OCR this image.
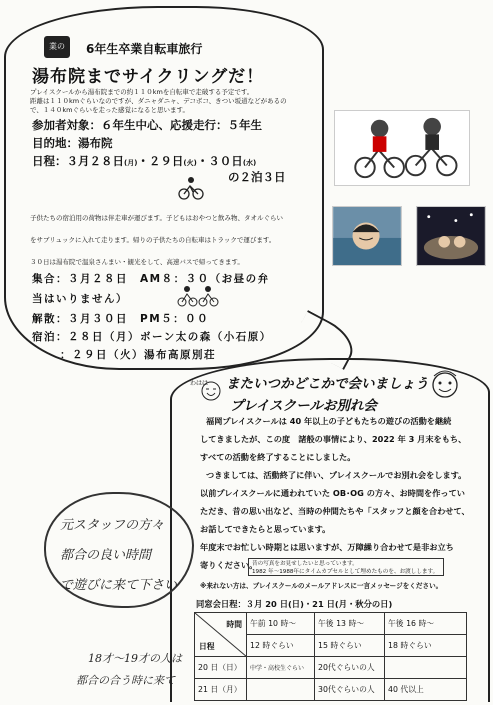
業の	6年生卒業自転車旅行
湯布院までサイクリングだ！
プレイスクールから湯布院までの約１１０kmを自転車で走破する予定です。
距離は１１０kmぐらいなのですが、ダニャダニャ、デコボコ、きつい坂道などがあるの
で、１４０kmぐらいを走った感覚になると思います。
参加者対象：６年生中心、応援走行：５年生
目的地：湯布院
日程：３月２８日(月)・２９日(火)・３０日(水)
の２泊３日
子供たちの宿泊用の荷物は伴走車が運びます。子どもはおやつと飲み物、タオルぐらい
をサブリュックに入れて走ります。帰りの子供たちの自転車はトラックで運びます。
３０日は湯布院で温泉さんまい・観光をして、高速バスで帰ってきます。
集合：３月２８日　AM８：３０（お昼の弁
当はいりません）
解散：３月３０日　PM５：００
宿泊：２８日（月）ボーン太の森（小石原）
：２９日（火）湯布高原別荘
わはは またいつかどこかで会いましょう
プレイスクールお別れ会
福岡プレイスクールは 40 年以上の子どもたちの遊びの活動を継続
してきましたが、この度　諸般の事情により、2022 年 3 月末をもち、
すべての活動を終了することにしました。
つきましては、活動終了に伴い、プレイスクールでお別れ会をします。
以前プレイスクールに通われていた OB･OG の方々、お時間を作ってい
ただき、昔の思い出など、当時の仲間たちや「スタッフと顔を合わせて、
お話してできたらと思っています。
年度末でお忙しい時期とは思いますが、万障繰り合わせて是非お立ち
寄りください。
昔の写真をお見せしたいと思っています。
1982 年～1988年にタイムカプセルとして埋めたものを、お渡しします。
※来れない方は、プレイスクールのメールアドレスに一言メッセージをください。
同窓会日程：３月 20 日(日)・21 日(月・秋分の日)
時間
日程	午前 10 時～	午後 13 時～	午後 16 時～
	12 時ぐらい	15 時ぐらい	18 時ぐらい
20 日（日）	中学・高校生ぐらい	20代ぐらいの人	
21 日（月）		30代ぐらいの人	40 代以上
元スタッフの方々
都合の良い時間
で遊びに来て下さい
18才～19才の人は
都合の合う時に来て
